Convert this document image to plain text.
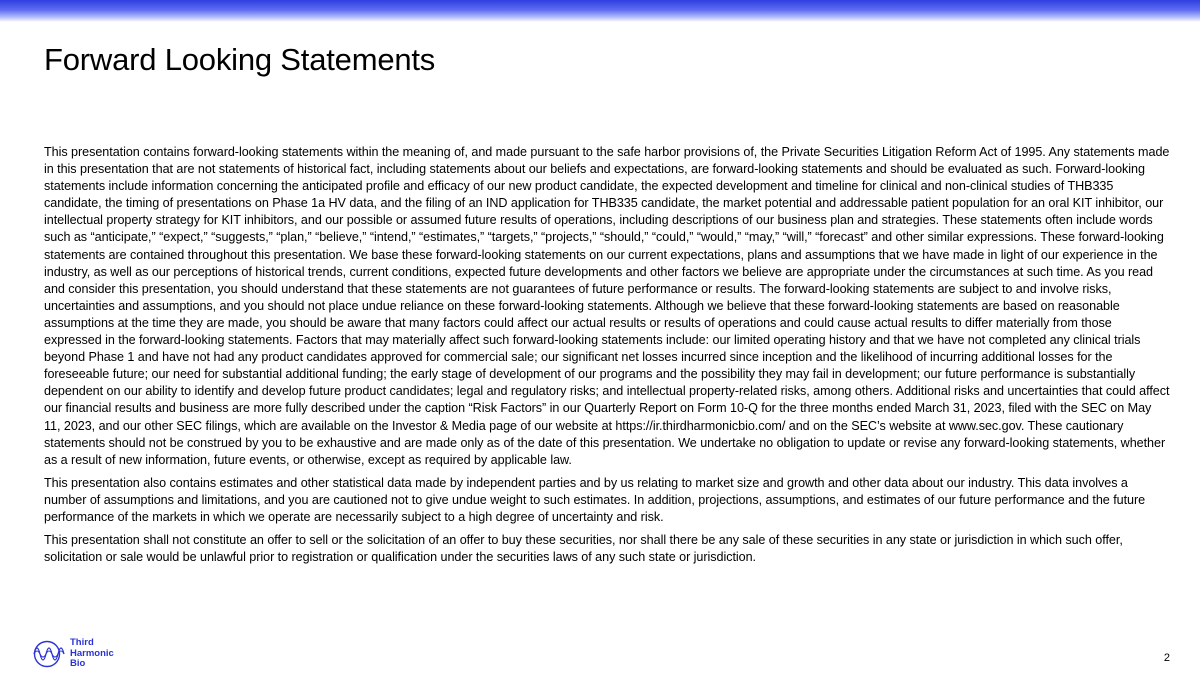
Forward Looking Statements

This presentation contains forward-looking statements within the meaning of, and made pursuant to the safe harbor provisions of, the Private Securities Litigation Reform Act of 1995. Any statements made in this presentation that are not statements of historical fact, including statements about our beliefs and expectations, are forward-looking statements and should be evaluated as such. Forward-looking statements include information concerning the anticipated profile and efficacy of our new product candidate, the expected development and timeline for clinical and non-clinical studies of THB335 candidate, the timing of presentations on Phase 1a HV data, and the filing of an IND application for THB335 candidate, the market potential and addressable patient population for an oral KIT inhibitor, our intellectual property strategy for KIT inhibitors, and our possible or assumed future results of operations, including descriptions of our business plan and strategies. These statements often include words such as “anticipate,” “expect,” “suggests,” “plan,” “believe,” “intend,” “estimates,” “targets,” “projects,” “should,” “could,” “would,” “may,” “will,” “forecast” and other similar expressions. These forward-looking statements are contained throughout this presentation. We base these forward-looking statements on our current expectations, plans and assumptions that we have made in light of our experience in the industry, as well as our perceptions of historical trends, current conditions, expected future developments and other factors we believe are appropriate under the circumstances at such time. As you read and consider this presentation, you should understand that these statements are not guarantees of future performance or results. The forward-looking statements are subject to and involve risks, uncertainties and assumptions, and you should not place undue reliance on these forward-looking statements. Although we believe that these forward-looking statements are based on reasonable assumptions at the time they are made, you should be aware that many factors could affect our actual results or results of operations and could cause actual results to differ materially from those expressed in the forward-looking statements. Factors that may materially affect such forward-looking statements include: our limited operating history and that we have not completed any clinical trials beyond Phase 1 and have not had any product candidates approved for commercial sale; our significant net losses incurred since inception and the likelihood of incurring additional losses for the foreseeable future; our need for substantial additional funding; the early stage of development of our programs and the possibility they may fail in development; our future performance is substantially dependent on our ability to identify and develop future product candidates; legal and regulatory risks; and intellectual property-related risks, among others. Additional risks and uncertainties that could affect our financial results and business are more fully described under the caption “Risk Factors” in our Quarterly Report on Form 10-Q for the three months ended March 31, 2023, filed with the SEC on May 11, 2023, and our other SEC filings, which are available on the Investor & Media page of our website at https://ir.thirdharmonicbio.com/ and on the SEC’s website at www.sec.gov. These cautionary statements should not be construed by you to be exhaustive and are made only as of the date of this presentation. We undertake no obligation to update or revise any forward-looking statements, whether as a result of new information, future events, or otherwise, except as required by applicable law.

This presentation also contains estimates and other statistical data made by independent parties and by us relating to market size and growth and other data about our industry. This data involves a number of assumptions and limitations, and you are cautioned not to give undue weight to such estimates. In addition, projections, assumptions, and estimates of our future performance and the future performance of the markets in which we operate are necessarily subject to a high degree of uncertainty and risk.

This presentation shall not constitute an offer to sell or the solicitation of an offer to buy these securities, nor shall there be any sale of these securities in any state or jurisdiction in which such offer, solicitation or sale would be unlawful prior to registration or qualification under the securities laws of any such state or jurisdiction.

Third
Harmonic
Bio	2
